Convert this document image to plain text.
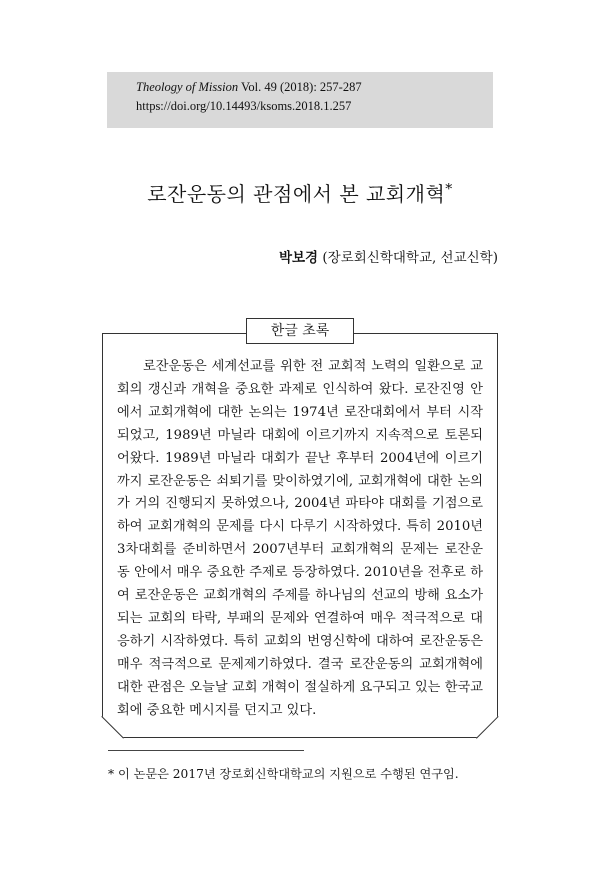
Theology of Mission Vol. 49 (2018): 257-287
https://doi.org/10.14493/ksoms.2018.1.257
로잔운동의 관점에서 본 교회개혁*
박보경 (장로회신학대학교, 선교신학)
한글 초록

로잔운동은 세계선교를 위한 전 교회적 노력의 일환으로 교회의 갱신과 개혁을 중요한 과제로 인식하여 왔다. 로잔진영 안에서 교회개혁에 대한 논의는 1974년 로잔대회에서 부터 시작되었고, 1989년 마닐라 대회에 이르기까지 지속적으로 토론되어왔다. 1989년 마닐라 대회가 끝난 후부터 2004년에 이르기까지 로잔운동은 쇠퇴기를 맞이하였기에, 교회개혁에 대한 논의가 거의 진행되지 못하였으나, 2004년 파타야 대회를 기점으로 하여 교회개혁의 문제를 다시 다루기 시작하였다. 특히 2010년 3차대회를 준비하면서 2007년부터 교회개혁의 문제는 로잔운동 안에서 매우 중요한 주제로 등장하였다. 2010년을 전후로 하여 로잔운동은 교회개혁의 주제를 하나님의 선교의 방해 요소가 되는 교회의 타락, 부패의 문제와 연결하여 매우 적극적으로 대응하기 시작하였다. 특히 교회의 번영신학에 대하여 로잔운동은 매우 적극적으로 문제제기하였다. 결국 로잔운동의 교회개혁에 대한 관점은 오늘날 교회 개혁이 절실하게 요구되고 있는 한국교회에 중요한 메시지를 던지고 있다.

* 이 논문은 2017년 장로회신학대학교의 지원으로 수행된 연구임.
